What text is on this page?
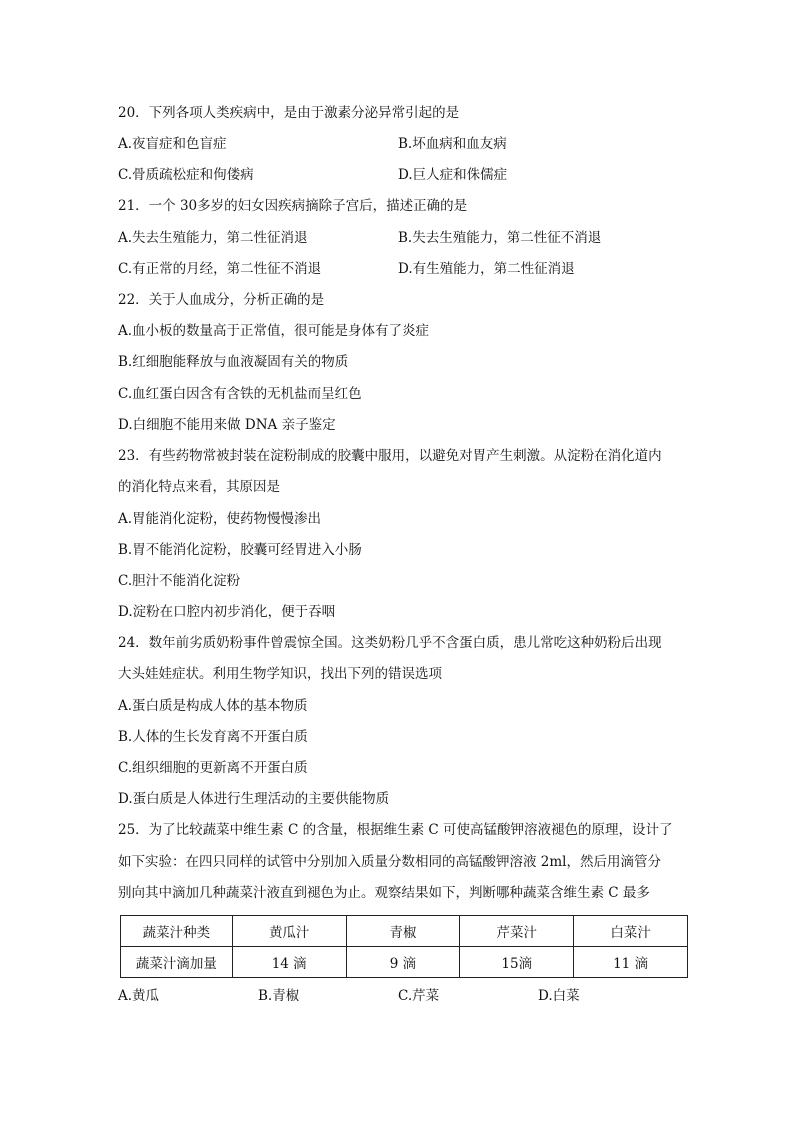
20．下列各项人类疾病中，是由于激素分泌异常引起的是
A.夜盲症和色盲症	B.坏血病和血友病
C.骨质疏松症和佝偻病	D.巨人症和侏儒症
21．一个 30多岁的妇女因疾病摘除子宫后，描述正确的是
A.失去生殖能力，第二性征消退	B.失去生殖能力，第二性征不消退
C.有正常的月经，第二性征不消退	D.有生殖能力，第二性征消退
22．关于人血成分，分析正确的是
A.血小板的数量高于正常值，很可能是身体有了炎症
B.红细胞能释放与血液凝固有关的物质
C.血红蛋白因含有含铁的无机盐而呈红色
D.白细胞不能用来做 DNA 亲子鉴定
23．有些药物常被封装在淀粉制成的胶囊中服用，以避免对胃产生刺激。从淀粉在消化道内
的消化特点来看，其原因是
A.胃能消化淀粉，使药物慢慢渗出
B.胃不能消化淀粉，胶囊可经胃进入小肠
C.胆汁不能消化淀粉
D.淀粉在口腔内初步消化，便于吞咽
24．数年前劣质奶粉事件曾震惊全国。这类奶粉几乎不含蛋白质，患儿常吃这种奶粉后出现
大头娃娃症状。利用生物学知识，找出下列的错误选项
A.蛋白质是构成人体的基本物质
B.人体的生长发育离不开蛋白质
C.组织细胞的更新离不开蛋白质
D.蛋白质是人体进行生理活动的主要供能物质
25．为了比较蔬菜中维生素 C 的含量，根据维生素 C 可使高锰酸钾溶液褪色的原理，设计了
如下实验：在四只同样的试管中分别加入质量分数相同的高锰酸钾溶液 2ml，然后用滴管分
别向其中滴加几种蔬菜汁液直到褪色为止。观察结果如下，判断哪种蔬菜含维生素 C 最多
蔬菜汁种类	黄瓜汁	青椒	芹菜汁	白菜汁
蔬菜汁滴加量	14 滴	9 滴	15滴	11 滴
A.黄瓜	B.青椒	C.芹菜	D.白菜
